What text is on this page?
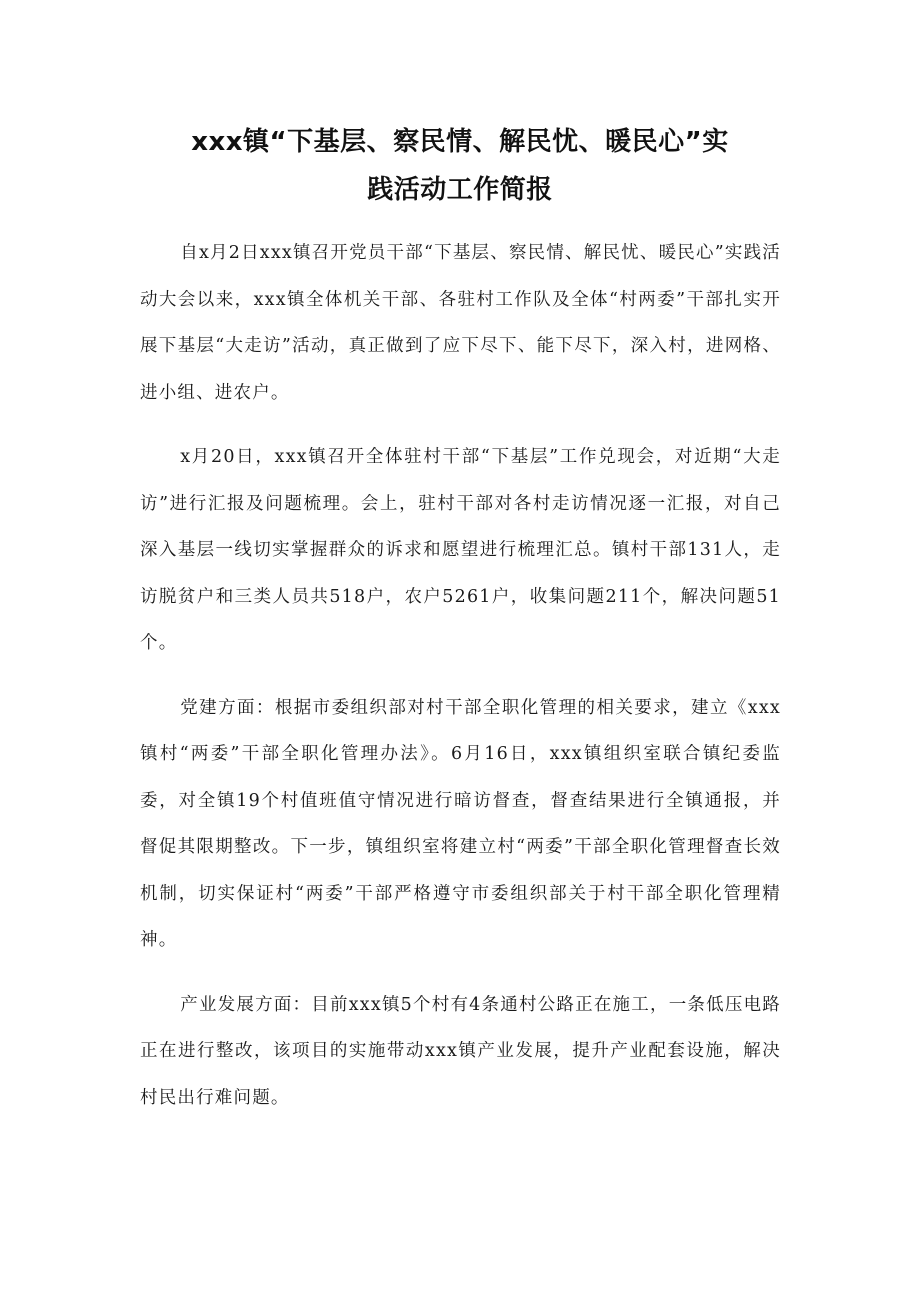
xxx镇“下基层、察民情、解民忧、暖民心”实
践活动工作简报

自x月2日xxx镇召开党员干部“下基层、察民情、解民忧、暖民心”实践活动大会以来，xxx镇全体机关干部、各驻村工作队及全体“村两委”干部扎实开展下基层“大走访”活动，真正做到了应下尽下、能下尽下，深入村，进网格、进小组、进农户。

x月20日，xxx镇召开全体驻村干部“下基层”工作兑现会，对近期“大走访”进行汇报及问题梳理。会上，驻村干部对各村走访情况逐一汇报，对自己深入基层一线切实掌握群众的诉求和愿望进行梳理汇总。镇村干部131人，走访脱贫户和三类人员共518户，农户5261户，收集问题211个，解决问题51个。

党建方面：根据市委组织部对村干部全职化管理的相关要求，建立《xxx镇村“两委”干部全职化管理办法》。6月16日，xxx镇组织室联合镇纪委监委，对全镇19个村值班值守情况进行暗访督查，督查结果进行全镇通报，并督促其限期整改。下一步，镇组织室将建立村“两委”干部全职化管理督查长效机制，切实保证村“两委”干部严格遵守市委组织部关于村干部全职化管理精神。

产业发展方面：目前xxx镇5个村有4条通村公路正在施工，一条低压电路正在进行整改，该项目的实施带动xxx镇产业发展，提升产业配套设施，解决村民出行难问题。
